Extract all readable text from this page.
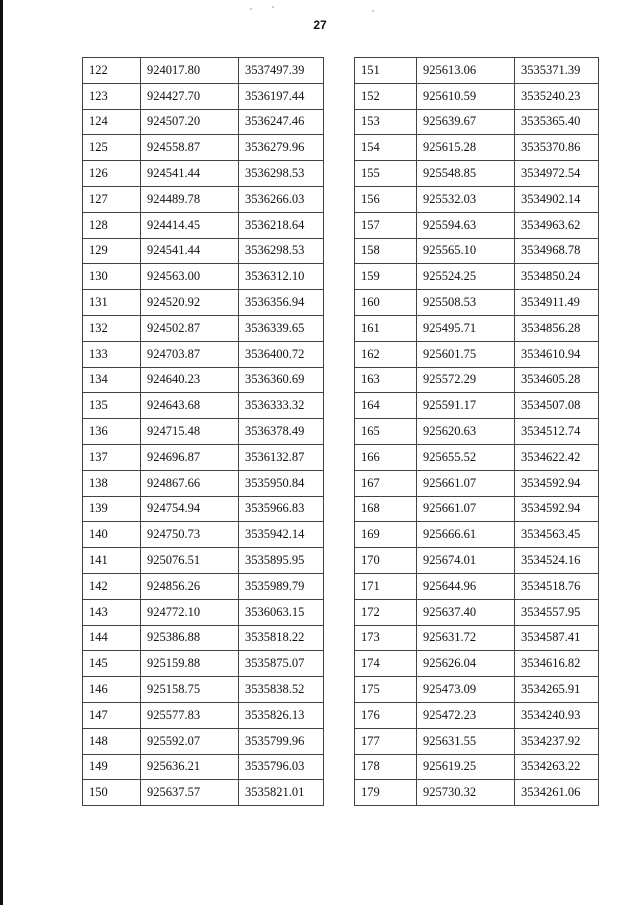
27
122	924017.80	3537497.39
123	924427.70	3536197.44
124	924507.20	3536247.46
125	924558.87	3536279.96
126	924541.44	3536298.53
127	924489.78	3536266.03
128	924414.45	3536218.64
129	924541.44	3536298.53
130	924563.00	3536312.10
131	924520.92	3536356.94
132	924502.87	3536339.65
133	924703.87	3536400.72
134	924640.23	3536360.69
135	924643.68	3536333.32
136	924715.48	3536378.49
137	924696.87	3536132.87
138	924867.66	3535950.84
139	924754.94	3535966.83
140	924750.73	3535942.14
141	925076.51	3535895.95
142	924856.26	3535989.79
143	924772.10	3536063.15
144	925386.88	3535818.22
145	925159.88	3535875.07
146	925158.75	3535838.52
147	925577.83	3535826.13
148	925592.07	3535799.96
149	925636.21	3535796.03
150	925637.57	3535821.01
151	925613.06	3535371.39
152	925610.59	3535240.23
153	925639.67	3535365.40
154	925615.28	3535370.86
155	925548.85	3534972.54
156	925532.03	3534902.14
157	925594.63	3534963.62
158	925565.10	3534968.78
159	925524.25	3534850.24
160	925508.53	3534911.49
161	925495.71	3534856.28
162	925601.75	3534610.94
163	925572.29	3534605.28
164	925591.17	3534507.08
165	925620.63	3534512.74
166	925655.52	3534622.42
167	925661.07	3534592.94
168	925661.07	3534592.94
169	925666.61	3534563.45
170	925674.01	3534524.16
171	925644.96	3534518.76
172	925637.40	3534557.95
173	925631.72	3534587.41
174	925626.04	3534616.82
175	925473.09	3534265.91
176	925472.23	3534240.93
177	925631.55	3534237.92
178	925619.25	3534263.22
179	925730.32	3534261.06
